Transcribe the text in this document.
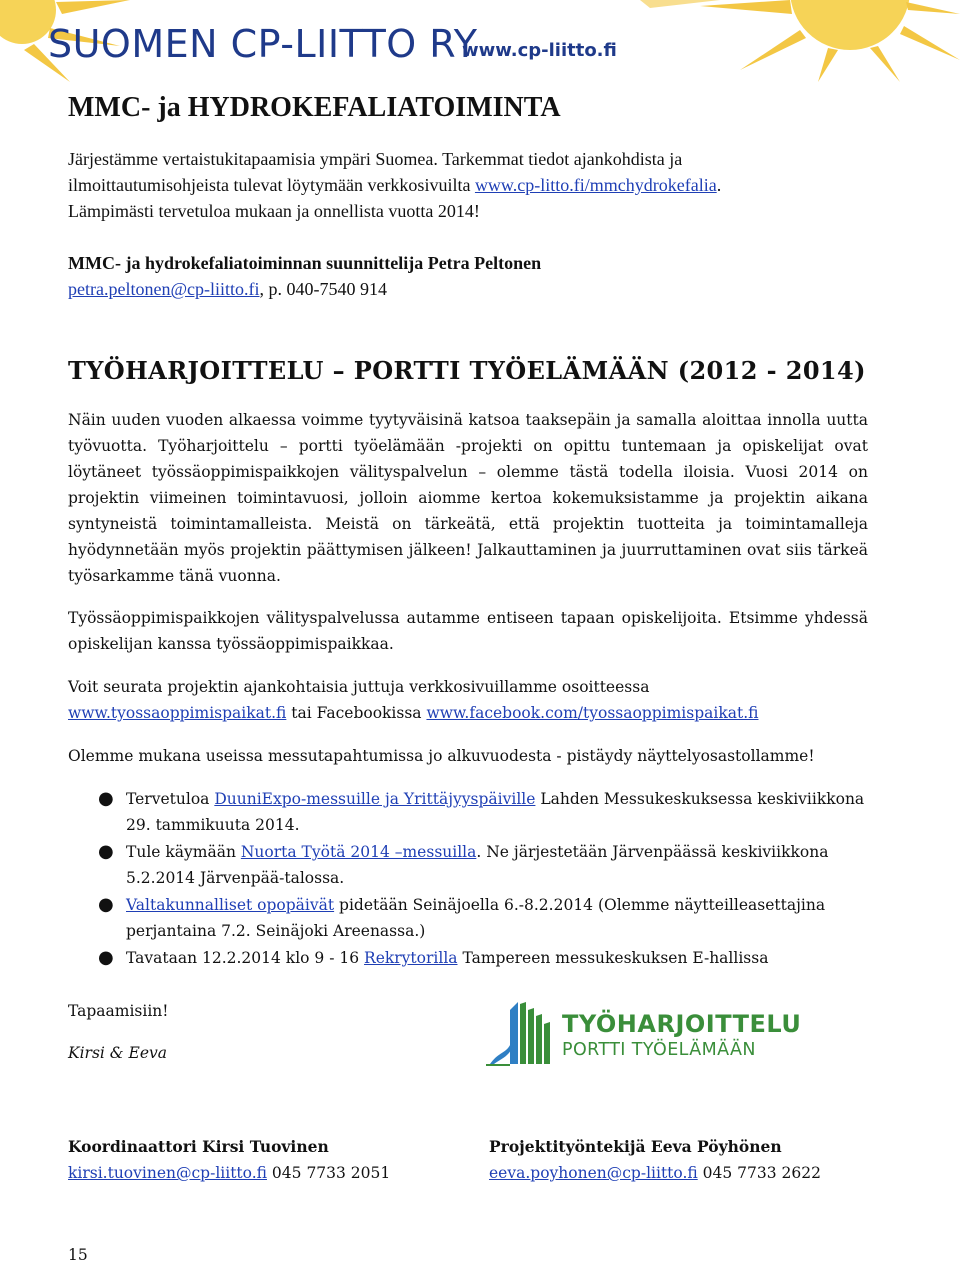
SUOMEN CP-LIITTO RY
www.cp-liitto.fi
MMC- ja HYDROKEFALIATOIMINTA
Järjestämme vertaistukitapaamisia ympäri Suomea. Tarkemmat tiedot ajankohdista ja
ilmoittautumisohjeista tulevat löytymään verkkosivuilta www.cp-litto.fi/mmchydrokefalia.
Lämpimästi tervetuloa mukaan ja onnellista vuotta 2014!
MMC- ja hydrokefaliatoiminnan suunnittelija Petra Peltonen
petra.peltonen@cp-liitto.fi, p. 040-7540 914
TYÖHARJOITTELU – PORTTI TYÖELÄMÄÄN (2012 - 2014)
Näin uuden vuoden alkaessa voimme tyytyväisinä katsoa taaksepäin ja samalla aloittaa innolla uutta työvuotta. Työharjoittelu – portti työelämään -projekti on opittu tuntemaan ja opiskelijat ovat löytäneet työssäoppimispaikkojen välityspalvelun – olemme tästä todella iloisia. Vuosi 2014 on projektin viimeinen toimintavuosi, jolloin aiomme kertoa kokemuksistamme ja projektin aikana syntyneistä toimintamalleista. Meistä on tärkeätä, että projektin tuotteita ja toimintamalleja hyödynnetään myös projektin päättymisen jälkeen! Jalkauttaminen ja juurruttaminen ovat siis tärkeä työsarkamme tänä vuonna.
Työssäoppimispaikkojen välityspalvelussa autamme entiseen tapaan opiskelijoita. Etsimme yhdessä opiskelijan kanssa työssäoppimispaikkaa.
Voit seurata projektin ajankohtaisia juttuja verkkosivuillamme osoitteessa
www.tyossaoppimispaikat.fi tai Facebookissa www.facebook.com/tyossaoppimispaikat.fi
Olemme mukana useissa messutapahtumissa jo alkuvuodesta - pistäydy näyttelyosastollamme!
● Tervetuloa DuuniExpo-messuille ja Yrittäjyyspäiville Lahden Messukeskuksessa keskiviikkona 29. tammikuuta 2014.
● Tule käymään Nuorta Työtä 2014 –messuilla. Ne järjestetään Järvenpäässä keskiviikkona 5.2.2014 Järvenpää-talossa.
● Valtakunnalliset opopäivät pidetään Seinäjoella 6.-8.2.2014 (Olemme näytteilleasettajina perjantaina 7.2. Seinäjoki Areenassa.)
● Tavataan 12.2.2014 klo 9 - 16 Rekrytorilla Tampereen messukeskuksen E-hallissa
Tapaamisiin!
Kirsi & Eeva
TYÖHARJOITTELU
PORTTI TYÖELÄMÄÄN
Koordinaattori Kirsi Tuovinen
kirsi.tuovinen@cp-liitto.fi 045 7733 2051
Projektityöntekijä Eeva Pöyhönen
eeva.poyhonen@cp-liitto.fi 045 7733 2622
15
